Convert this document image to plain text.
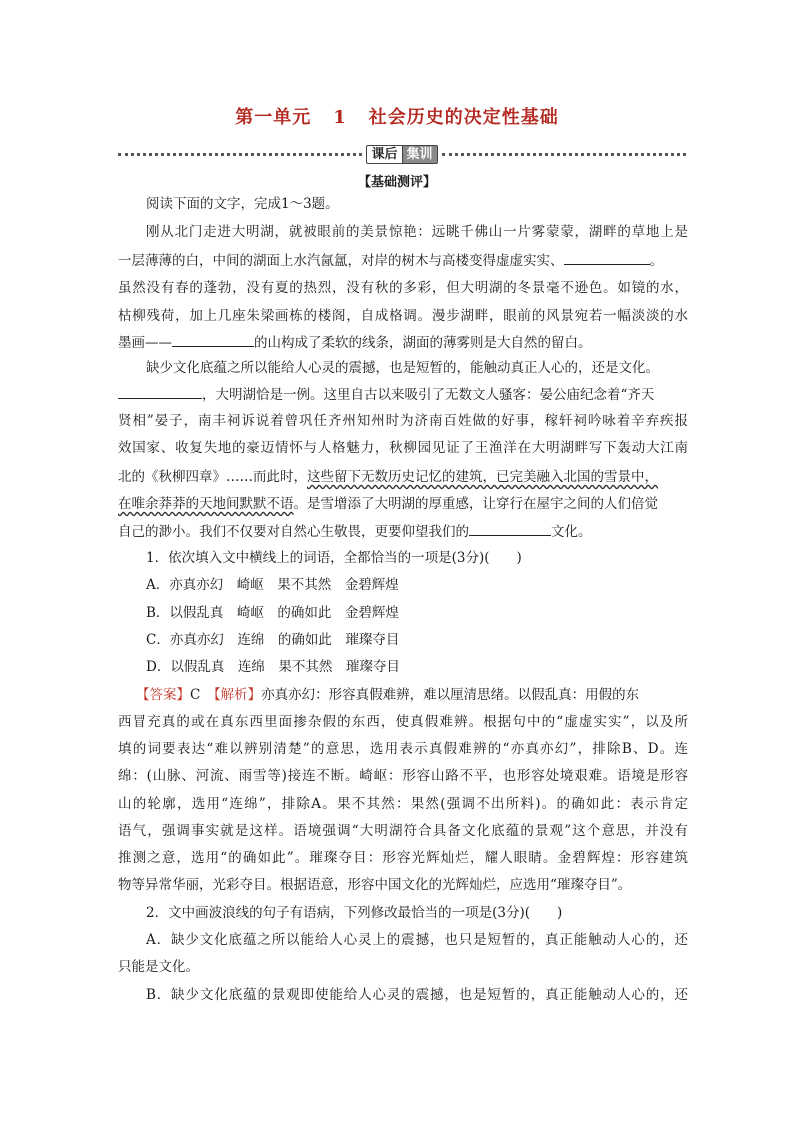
第一单元 1 社会历史的决定性基础
课后 集训
【基础测评】
阅读下面的文字，完成1～3题。
刚从北门走进大明湖，就被眼前的美景惊艳：远眺千佛山一片雾蒙蒙，湖畔的草地上是
一层薄薄的白，中间的湖面上水汽氤氲，对岸的树木与高楼变得虚虚实实、	。
虽然没有春的蓬勃，没有夏的热烈，没有秋的多彩，但大明湖的冬景毫不逊色。如镜的水，
枯柳残荷，加上几座朱梁画栋的楼阁，自成格调。漫步湖畔，眼前的风景宛若一幅淡淡的水
墨画——	的山构成了柔软的线条，湖面的薄雾则是大自然的留白。
缺少文化底蕴之所以能给人心灵的震撼，也是短暂的，能触动真正人心的，还是文化。
，大明湖恰是一例。这里自古以来吸引了无数文人骚客：晏公庙纪念着“齐天
贤相”晏子，南丰祠诉说着曾巩任齐州知州时为济南百姓做的好事，稼轩祠吟咏着辛弃疾报
效国家、收复失地的豪迈情怀与人格魅力，秋柳园见证了王渔洋在大明湖畔写下轰动大江南
北的《秋柳四章》……而此时，这些留下无数历史记忆的建筑，已完美融入北国的雪景中，
在唯余莽莽的天地间默默不语。是雪增添了大明湖的厚重感，让穿行在屋宇之间的人们倍觉
自己的渺小。我们不仅要对自然心生敬畏，更要仰望我们的	文化。
1．依次填入文中横线上的词语，全都恰当的一项是(3分)(　　)
A．亦真亦幻　崎岖　果不其然　金碧辉煌
B．以假乱真　崎岖　的确如此　金碧辉煌
C．亦真亦幻　连绵　的确如此　璀璨夺目
D．以假乱真　连绵　果不其然　璀璨夺目
【答案】C　 【解析】亦真亦幻：形容真假难辨，难以厘清思绪。以假乱真：用假的东
西冒充真的或在真东西里面掺杂假的东西，使真假难辨。根据句中的“虚虚实实”，以及所
填的词要表达“难以辨别清楚”的意思，选用表示真假难辨的“亦真亦幻”，排除B、D。连
绵：(山脉、河流、雨雪等)接连不断。崎岖：形容山路不平，也形容处境艰难。语境是形容
山的轮廓，选用“连绵”，排除A。果不其然：果然(强调不出所料)。的确如此：表示肯定
语气，强调事实就是这样。语境强调“大明湖符合具备文化底蕴的景观”这个意思，并没有
推测之意，选用“的确如此”。璀璨夺目：形容光辉灿烂，耀人眼睛。金碧辉煌：形容建筑
物等异常华丽，光彩夺目。根据语意，形容中国文化的光辉灿烂，应选用“璀璨夺目”。
2．文中画波浪线的句子有语病，下列修改最恰当的一项是(3分)(　　)
A．缺少文化底蕴之所以能给人心灵上的震撼，也只是短暂的，真正能触动人心的，还
只能是文化。
B．缺少文化底蕴的景观即使能给人心灵的震撼，也是短暂的，真正能触动人心的，还
